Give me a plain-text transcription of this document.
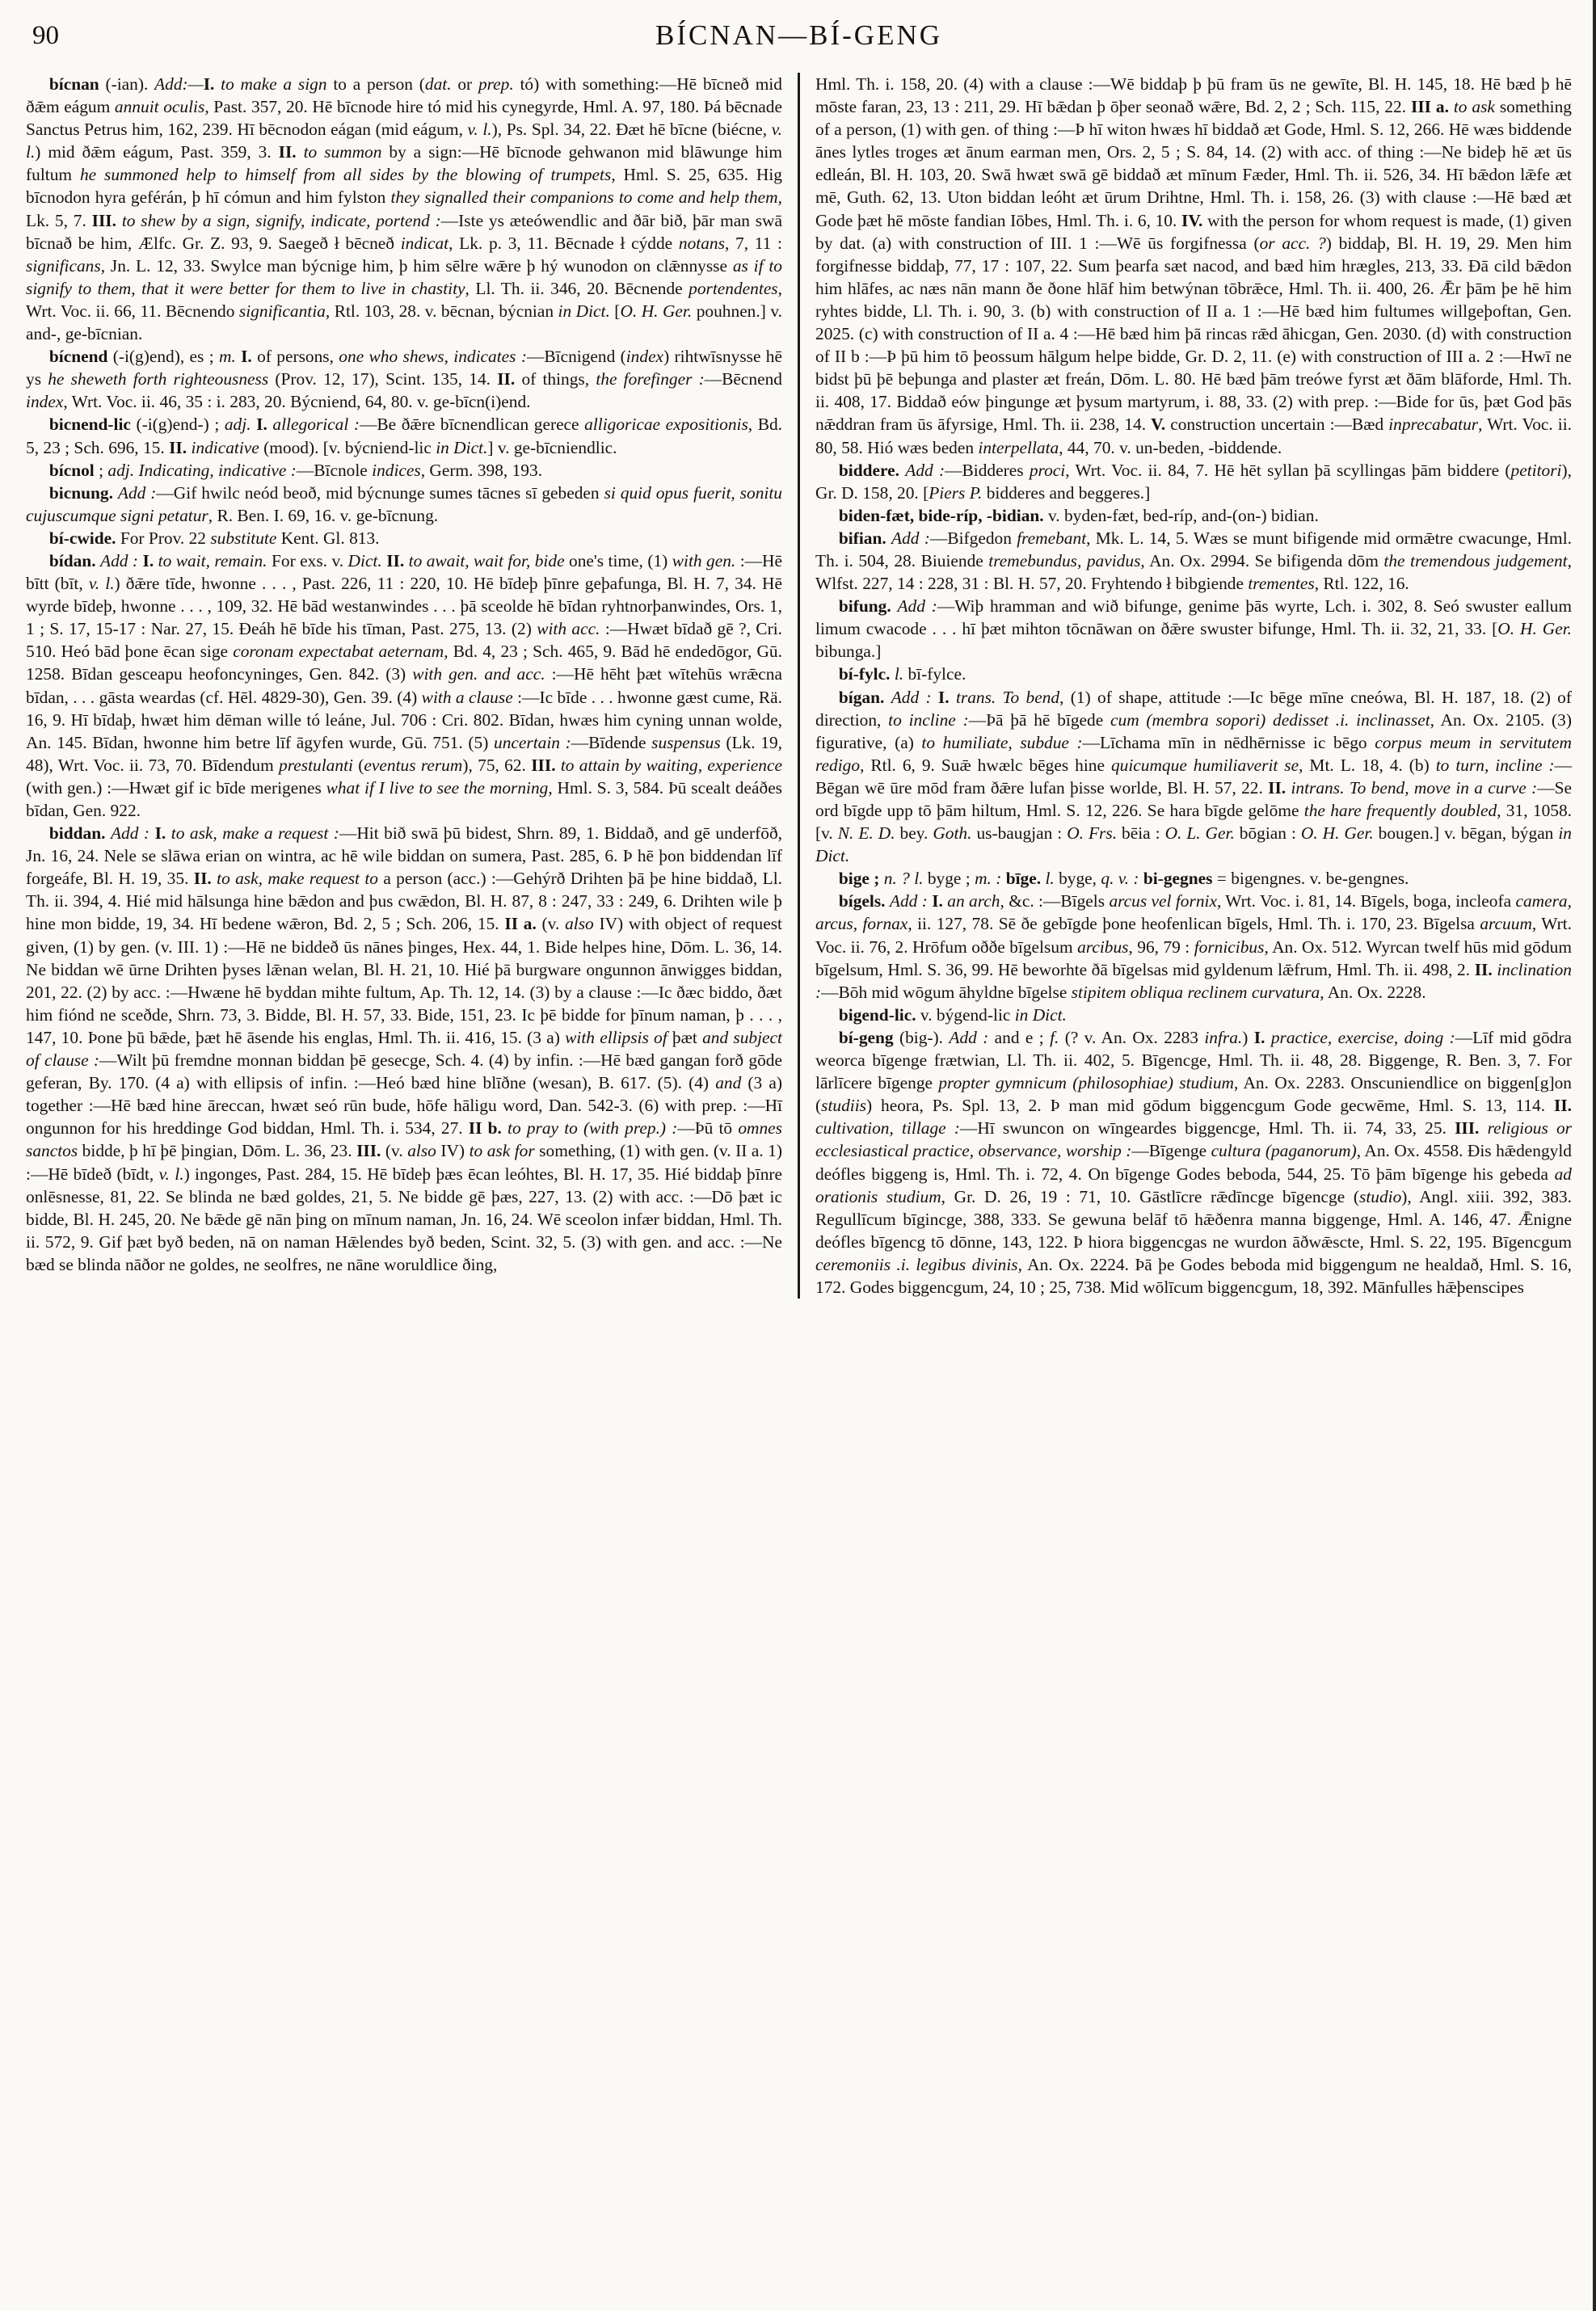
90	BÍCNAN—BÍ-GENG

bícnan (-ian). Add:—I. to make a sign to a person (dat. or prep. tó) with something:—Hē bīcneð mid ðǣm eágum annuit oculis, Past. 357, 20. Hē bīcnode hire tó mid his cynegyrde, Hml. A. 97, 180. Þá bēcnade Sanctus Petrus him, 162, 239. Hī bēcnodon eágan (mid eágum, v. l.), Ps. Spl. 34, 22. Ðæt hē bīcne (biécne, v. l.) mid ðǣm eágum, Past. 359, 3. II. to summon by a sign:—Hē bīcnode gehwanon mid blāwunge him fultum he summoned help to himself from all sides by the blowing of trumpets, Hml. S. 25, 635. Hig bīcnodon hyra geférán, þ hī cómun and him fylston they signalled their companions to come and help them, Lk. 5, 7. III. to shew by a sign, signify, indicate, portend :—Iste ys æteówendlic and ðār bið, þār man swā bīcnað be him, Ælfc. Gr. Z. 93, 9. Saegeð ł bēcneð indicat, Lk. p. 3, 11. Bēcnade ł cýdde notans, 7, 11 : significans, Jn. L. 12, 33. Swylce man býcnige him, þ him sēlre wǣre þ hý wunodon on clǣnnysse as if to signify to them, that it were better for them to live in chastity, Ll. Th. ii. 346, 20. Bēcnende portendentes, Wrt. Voc. ii. 66, 11. Bēcnendo significantia, Rtl. 103, 28. v. bēcnan, býcnian in Dict. [O. H. Ger. pouhnen.] v. and-, ge-bīcnian.

bícnend (-i(g)end), es ; m. I. of persons, one who shews, indicates :—Bīcnigend (index) rihtwīsnysse hē ys he sheweth forth righteousness (Prov. 12, 17), Scint. 135, 14. II. of things, the forefinger :—Bēcnend index, Wrt. Voc. ii. 46, 35 : i. 283, 20. Býcniend, 64, 80. v. ge-bīcn(i)end.

bicnend-lic (-i(g)end-) ; adj. I. allegorical :—Be ðǣre bīcnendlican gerece alligoricae expositionis, Bd. 5, 23 ; Sch. 696, 15. II. indicative (mood). [v. býcniend-lic in Dict.] v. ge-bīcniendlic.

bícnol ; adj. Indicating, indicative :—Bīcnole indices, Germ. 398, 193.

bicnung. Add :—Gif hwilc neód beoð, mid býcnunge sumes tācnes sī gebeden si quid opus fuerit, sonitu cujuscumque signi petatur, R. Ben. I. 69, 16. v. ge-bīcnung.

bí-cwide. For Prov. 22 substitute Kent. Gl. 813.

bídan. Add : I. to wait, remain. For exs. v. Dict. II. to await, wait for, bide one's time, (1) with gen. :—Hē bītt (bīt, v. l.) ðǣre tīde, hwonne . . . , Past. 226, 11 : 220, 10. Hē bīdeþ þīnre geþafunga, Bl. H. 7, 34. Hē wyrde bīdeþ, hwonne . . . , 109, 32. Hē bād westanwindes . . . þā sceolde hē bīdan ryhtnorþanwindes, Ors. 1, 1 ; S. 17, 15-17 : Nar. 27, 15. Ðeáh hē bīde his tīman, Past. 275, 13. (2) with acc. :—Hwæt bīdað gē ?, Cri. 510. Heó bād þone ēcan sige coronam expectabat aeternam, Bd. 4, 23 ; Sch. 465, 9. Bād hē endedōgor, Gū. 1258. Bīdan gesceapu heofoncyninges, Gen. 842. (3) with gen. and acc. :—Hē hēht þæt wītehūs wrǣcna bīdan, . . . gāsta weardas (cf. Hēl. 4829-30), Gen. 39. (4) with a clause :—Ic bīde . . . hwonne gæst cume, Rä. 16, 9. Hī bīdaþ, hwæt him dēman wille tó leáne, Jul. 706 : Cri. 802. Bīdan, hwæs him cyning unnan wolde, An. 145. Bīdan, hwonne him betre līf āgyfen wurde, Gū. 751. (5) uncertain :—Bīdende suspensus (Lk. 19, 48), Wrt. Voc. ii. 73, 70. Bīdendum prestulanti (eventus rerum), 75, 62. III. to attain by waiting, experience (with gen.) :—Hwæt gif ic bīde merigenes what if I live to see the morning, Hml. S. 3, 584. Þū scealt deáðes bīdan, Gen. 922.

biddan. Add : I. to ask, make a request :—Hit bið swā þū bidest, Shrn. 89, 1. Biddað, and gē underfōð, Jn. 16, 24. Nele se slāwa erian on wintra, ac hē wile biddan on sumera, Past. 285, 6. Þ hē þon biddendan līf forgeáfe, Bl. H. 19, 35. II. to ask, make request to a person (acc.) :—Gehýrð Drihten þā þe hine biddað, Ll. Th. ii. 394, 4. Hié mid hālsunga hine bǣdon and þus cwǣdon, Bl. H. 87, 8 : 247, 33 : 249, 6. Drihten wile þ hine mon bidde, 19, 34. Hī bedene wǣron, Bd. 2, 5 ; Sch. 206, 15. II a. (v. also IV) with object of request given, (1) by gen. (v. III. 1) :—Hē ne biddeð ūs nānes þinges, Hex. 44, 1. Bide helpes hine, Dōm. L. 36, 14. Ne biddan wē ūrne Drihten þyses lǣnan welan, Bl. H. 21, 10. Hié þā burgware ongunnon ānwigges biddan, 201, 22. (2) by acc. :—Hwæne hē byddan mihte fultum, Ap. Th. 12, 14. (3) by a clause :—Ic ðæc biddo, ðæt him fiónd ne sceðde, Shrn. 73, 3. Bidde, Bl. H. 57, 33. Bide, 151, 23. Ic þē bidde for þīnum naman, þ . . . , 147, 10. Þone þū bǣde, þæt hē āsende his englas, Hml. Th. ii. 416, 15. (3 a) with ellipsis of þæt and subject of clause :—Wilt þū fremdne monnan biddan þē gesecge, Sch. 4. (4) by infin. :—Hē bæd gangan forð gōde geferan, By. 170. (4 a) with ellipsis of infin. :—Heó bæd hine blīðne (wesan), B. 617. (5). (4) and (3 a) together :—Hē bæd hine āreccan, hwæt seó rūn bude, hōfe hāligu word, Dan. 542-3. (6) with prep. :—Hī ongunnon for his hreddinge God biddan, Hml. Th. i. 534, 27. II b. to pray to (with prep.) :—Þū tō omnes sanctos bidde, þ hī þē þingian, Dōm. L. 36, 23. III. (v. also IV) to ask for something, (1) with gen. (v. II a. 1) :—Hē bīdeð (bīdt, v. l.) ingonges, Past. 284, 15. Hē bīdeþ þæs ēcan leóhtes, Bl. H. 17, 35. Hié biddaþ þīnre onlēsnesse, 81, 22. Se blinda ne bæd goldes, 21, 5. Ne bidde gē þæs, 227, 13. (2) with acc. :—Dō þæt ic bidde, Bl. H. 245, 20. Ne bǣde gē nān þing on mīnum naman, Jn. 16, 24. Wē sceolon infær biddan, Hml. Th. ii. 572, 9. Gif þæt byð beden, nā on naman Hǣlendes byð beden, Scint. 32, 5. (3) with gen. and acc. :—Ne bæd se blinda nāðor ne goldes, ne seolfres, ne nāne woruldlice ðing,

Hml. Th. i. 158, 20. (4) with a clause :—Wē biddaþ þ þū fram ūs ne gewīte, Bl. H. 145, 18. Hē bæd þ hē mōste faran, 23, 13 : 211, 29. Hī bǣdan þ ōþer seonað wǣre, Bd. 2, 2 ; Sch. 115, 22. III a. to ask something of a person, (1) with gen. of thing :—Þ hī witon hwæs hī biddað æt Gode, Hml. S. 12, 266. Hē wæs biddende ānes lytles troges æt ānum earman men, Ors. 2, 5 ; S. 84, 14. (2) with acc. of thing :—Ne bideþ hē æt ūs edleán, Bl. H. 103, 20. Swā hwæt swā gē biddað æt mīnum Fæder, Hml. Th. ii. 526, 34. Hī bǣdon lǣfe æt mē, Guth. 62, 13. Uton biddan leóht æt ūrum Drihtne, Hml. Th. i. 158, 26. (3) with clause :—Hē bæd æt Gode þæt hē mōste fandian Iōbes, Hml. Th. i. 6, 10. IV. with the person for whom request is made, (1) given by dat. (a) with construction of III. 1 :—Wē ūs forgifnessa (or acc. ?) biddaþ, Bl. H. 19, 29. Men him forgifnesse biddaþ, 77, 17 : 107, 22. Sum þearfa sæt nacod, and bæd him hrægles, 213, 33. Ðā cild bǣdon him hlāfes, ac næs nān mann ðe ðone hlāf him betwýnan tōbrǣce, Hml. Th. ii. 400, 26. Ǣr þām þe hē him ryhtes bidde, Ll. Th. i. 90, 3. (b) with construction of II a. 1 :—Hē bæd him fultumes willgeþoftan, Gen. 2025. (c) with construction of II a. 4 :—Hē bæd him þā rincas rǣd āhicgan, Gen. 2030. (d) with construction of II b :—Þ þū him tō þeossum hālgum helpe bidde, Gr. D. 2, 11. (e) with construction of III a. 2 :—Hwī ne bidst þū þē beþunga and plaster æt freán, Dōm. L. 80. Hē bæd þām treówe fyrst æt ðām blāforde, Hml. Th. ii. 408, 17. Biddað eów þingunge æt þysum martyrum, i. 88, 33. (2) with prep. :—Bide for ūs, þæt God þās nǣddran fram ūs āfyrsige, Hml. Th. ii. 238, 14. V. construction uncertain :—Bæd inprecabatur, Wrt. Voc. ii. 80, 58. Hió wæs beden interpellata, 44, 70. v. un-beden, -biddende.

biddere. Add :—Bidderes proci, Wrt. Voc. ii. 84, 7. Hē hēt syllan þā scyllingas þām biddere (petitori), Gr. D. 158, 20. [Piers P. bidderes and beggeres.]

biden-fæt, bide-ríp, -bidian. v. byden-fæt, bed-ríp, and-(on-) bidian.

bifian. Add :—Bifgedon fremebant, Mk. L. 14, 5. Wæs se munt bifigende mid ormǣtre cwacunge, Hml. Th. i. 504, 28. Biuiende tremebundus, pavidus, An. Ox. 2994. Se bifigenda dōm the tremendous judgement, Wlfst. 227, 14 : 228, 31 : Bl. H. 57, 20. Fryhtendo ł bibgiende trementes, Rtl. 122, 16.

bifung. Add :—Wiþ hramman and wið bifunge, genime þās wyrte, Lch. i. 302, 8. Seó swuster eallum limum cwacode . . . hī þæt mihton tōcnāwan on ðǣre swuster bifunge, Hml. Th. ii. 32, 21, 33. [O. H. Ger. bibunga.]

bí-fylc. l. bī-fylce.

bígan. Add : I. trans. To bend, (1) of shape, attitude :—Ic bēge mīne cneówa, Bl. H. 187, 18. (2) of direction, to incline :—Þā þā hē bīgede cum (membra sopori) dedisset .i. inclinasset, An. Ox. 2105. (3) figurative, (a) to humiliate, subdue :—Līchama mīn in nēdhērnisse ic bēgo corpus meum in servitutem redigo, Rtl. 6, 9. Suǣ hwælc bēges hine quicumque humiliaverit se, Mt. L. 18, 4. (b) to turn, incline :—Bēgan wē ūre mōd fram ðǣre lufan þisse worlde, Bl. H. 57, 22. II. intrans. To bend, move in a curve :—Se ord bīgde upp tō þām hiltum, Hml. S. 12, 226. Se hara bīgde gelōme the hare frequently doubled, 31, 1058. [v. N. E. D. bey. Goth. us-baugjan : O. Frs. bēia : O. L. Ger. bōgian : O. H. Ger. bougen.] v. bēgan, býgan in Dict.

bige ; n. ? l. byge ; m. : bīge. l. byge, q. v. : bi-gegnes = bigengnes. v. be-gengnes.

bígels. Add : I. an arch, &c. :—Bīgels arcus vel fornix, Wrt. Voc. i. 81, 14. Bīgels, boga, incleofa camera, arcus, fornax, ii. 127, 78. Sē ðe gebīgde þone heofenlican bīgels, Hml. Th. i. 170, 23. Bīgelsa arcuum, Wrt. Voc. ii. 76, 2. Hrōfum oððe bīgelsum arcibus, 96, 79 : fornicibus, An. Ox. 512. Wyrcan twelf hūs mid gōdum bīgelsum, Hml. S. 36, 99. Hē beworhte ðā bīgelsas mid gyldenum lǣfrum, Hml. Th. ii. 498, 2. II. inclination :—Bōh mid wōgum āhyldne bīgelse stipitem obliqua reclinem curvatura, An. Ox. 2228.

bigend-lic. v. býgend-lic in Dict.

bí-geng (big-). Add : and e ; f. (? v. An. Ox. 2283 infra.) I. practice, exercise, doing :—Līf mid gōdra weorca bīgenge frætwian, Ll. Th. ii. 402, 5. Bīgencge, Hml. Th. ii. 48, 28. Biggenge, R. Ben. 3, 7. For lārlīcere bīgenge propter gymnicum (philosophiae) studium, An. Ox. 2283. Onscuniendlice on biggen[g]on (studiis) heora, Ps. Spl. 13, 2. Þ man mid gōdum biggencgum Gode gecwēme, Hml. S. 13, 114. II. cultivation, tillage :—Hī swuncon on wīngeardes biggencge, Hml. Th. ii. 74, 33, 25. III. religious or ecclesiastical practice, observance, worship :—Bīgenge cultura (paganorum), An. Ox. 4558. Ðis hǣdengyld deófles biggeng is, Hml. Th. i. 72, 4. On bīgenge Godes beboda, 544, 25. Tō þām bīgenge his gebeda ad orationis studium, Gr. D. 26, 19 : 71, 10. Gāstlīcre rǣdīncge bīgencge (studio), Angl. xiii. 392, 383. Regullīcum bīgincge, 388, 333. Se gewuna belāf tō hǣðenra manna biggenge, Hml. A. 146, 47. Ǣnigne deófles bīgencg tō dōnne, 143, 122. Þ hiora biggencgas ne wurdon āðwǣscte, Hml. S. 22, 195. Bīgencgum ceremoniis .i. legibus divinis, An. Ox. 2224. Þā þe Godes beboda mid biggengum ne healdað, Hml. S. 16, 172. Godes biggencgum, 24, 10 ; 25, 738. Mid wōlīcum biggencgum, 18, 392. Mānfulles hǣþenscipes
